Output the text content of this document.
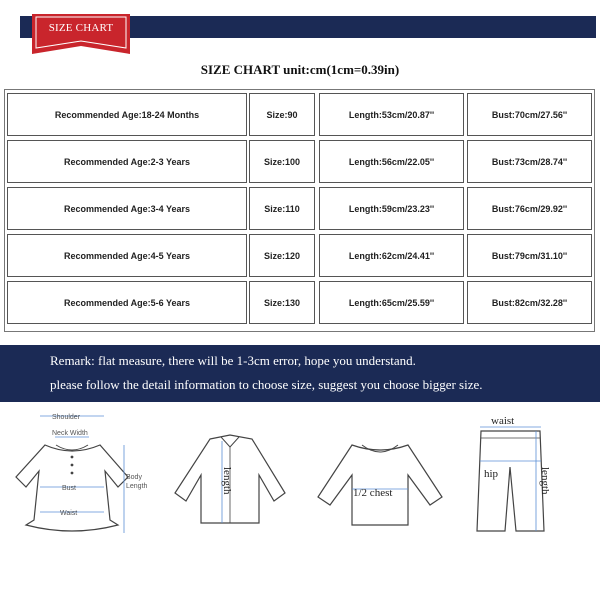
SIZE CHART
SIZE CHART unit:cm(1cm=0.39in)
Recommended Age:18-24 Months	Size:90	Length:53cm/20.87''	Bust:70cm/27.56''
Recommended Age:2-3 Years	Size:100	Length:56cm/22.05''	Bust:73cm/28.74''
Recommended Age:3-4 Years	Size:110	Length:59cm/23.23''	Bust:76cm/29.92''
Recommended Age:4-5 Years	Size:120	Length:62cm/24.41''	Bust:79cm/31.10''
Recommended Age:5-6 Years	Size:130	Length:65cm/25.59''	Bust:82cm/32.28''
Remark: flat measure, there will be 1-3cm error, hope you understand.
please follow the detail information to choose size, suggest you choose bigger size.
Shoulder
Neck Width
Bust
Waist
Body
Length	length	1/2 chest
waist
hip	length
